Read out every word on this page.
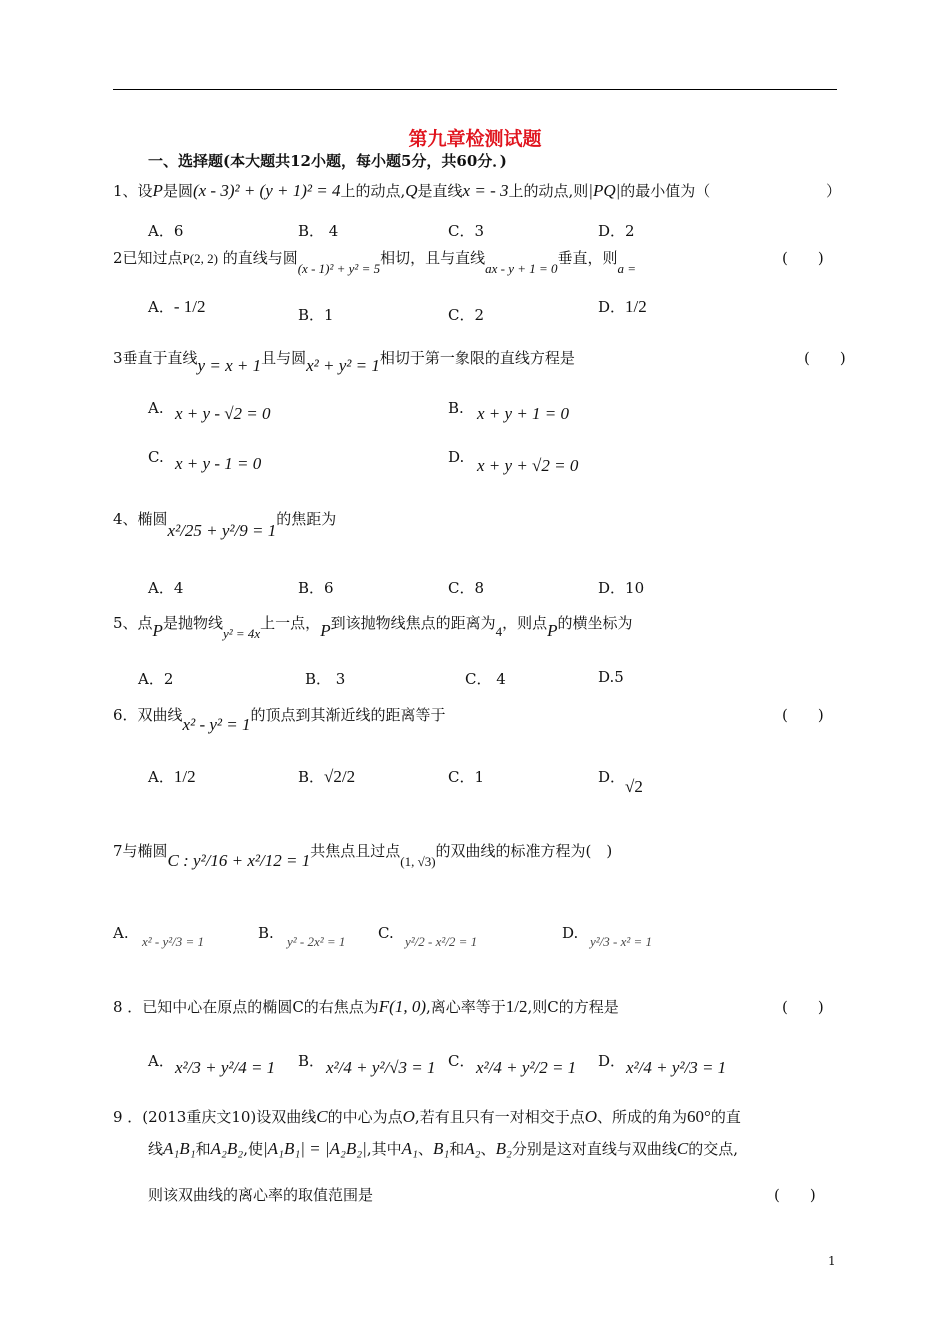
第九章检测试题
一、选择题(本大题共12小题，每小题5分，共60分．)
1、设P是圆(x - 3)² + (y + 1)² = 4上的动点,Q是直线x = - 3上的动点,则|PQ|的最小值为（	）
A．6	B． 4	C．3	D．2
2已知过点P(2, 2) 的直线与圆(x - 1)² + y² = 5相切，且与直线ax - y + 1 = 0垂直，则a =
(　　)
A．- 1/2	B．1	C．2	D．1/2
3垂直于直线y = x + 1且与圆x² + y² = 1相切于第一象限的直线方程是	(　　)
A. x + y - √2 = 0	B. x + y + 1 = 0
C. x + y - 1 = 0	D. x + y + √2 = 0
4、椭圆x²/25 + y²/9 = 1的焦距为
A．4	B．6	C．8	D．10
5、点P是抛物线y² = 4x上一点，P到该抛物线焦点的距离为4，则点P的横坐标为
A．2	B． 3	C． 4	D.5
6．双曲线x² - y² = 1的顶点到其渐近线的距离等于	(　　)
A．1/2	B．√2/2	C．1	D．√2
7与椭圆C : y²/16 + x²/12 = 1共焦点且过点(1, √3)的双曲线的标准方程为(　)
A. x² - y²/3 = 1	B. y² - 2x² = 1 C. y²/2 - x²/2 = 1	D. y²/3 - x² = 1
8 ．已知中心在原点的椭圆C的右焦点为F(1, 0),离心率等于1/2,则C的方程是	(　　)
A． x²/3 + y²/4 = 1 B． x²/4 + y²/√3 = 1 C． x²/4 + y²/2 = 1 D． x²/4 + y²/3 = 1
9 ．(2013重庆文10)设双曲线C的中心为点O,若有且只有一对相交于点O、所成的角为60°的直
线A₁B₁和A₂B₂,使|A₁B₁| = |A₂B₂|,其中A₁、B₁和A₂、B₂分别是这对直线与双曲线C的交点,
则该双曲线的离心率的取值范围是	(　　)
1
